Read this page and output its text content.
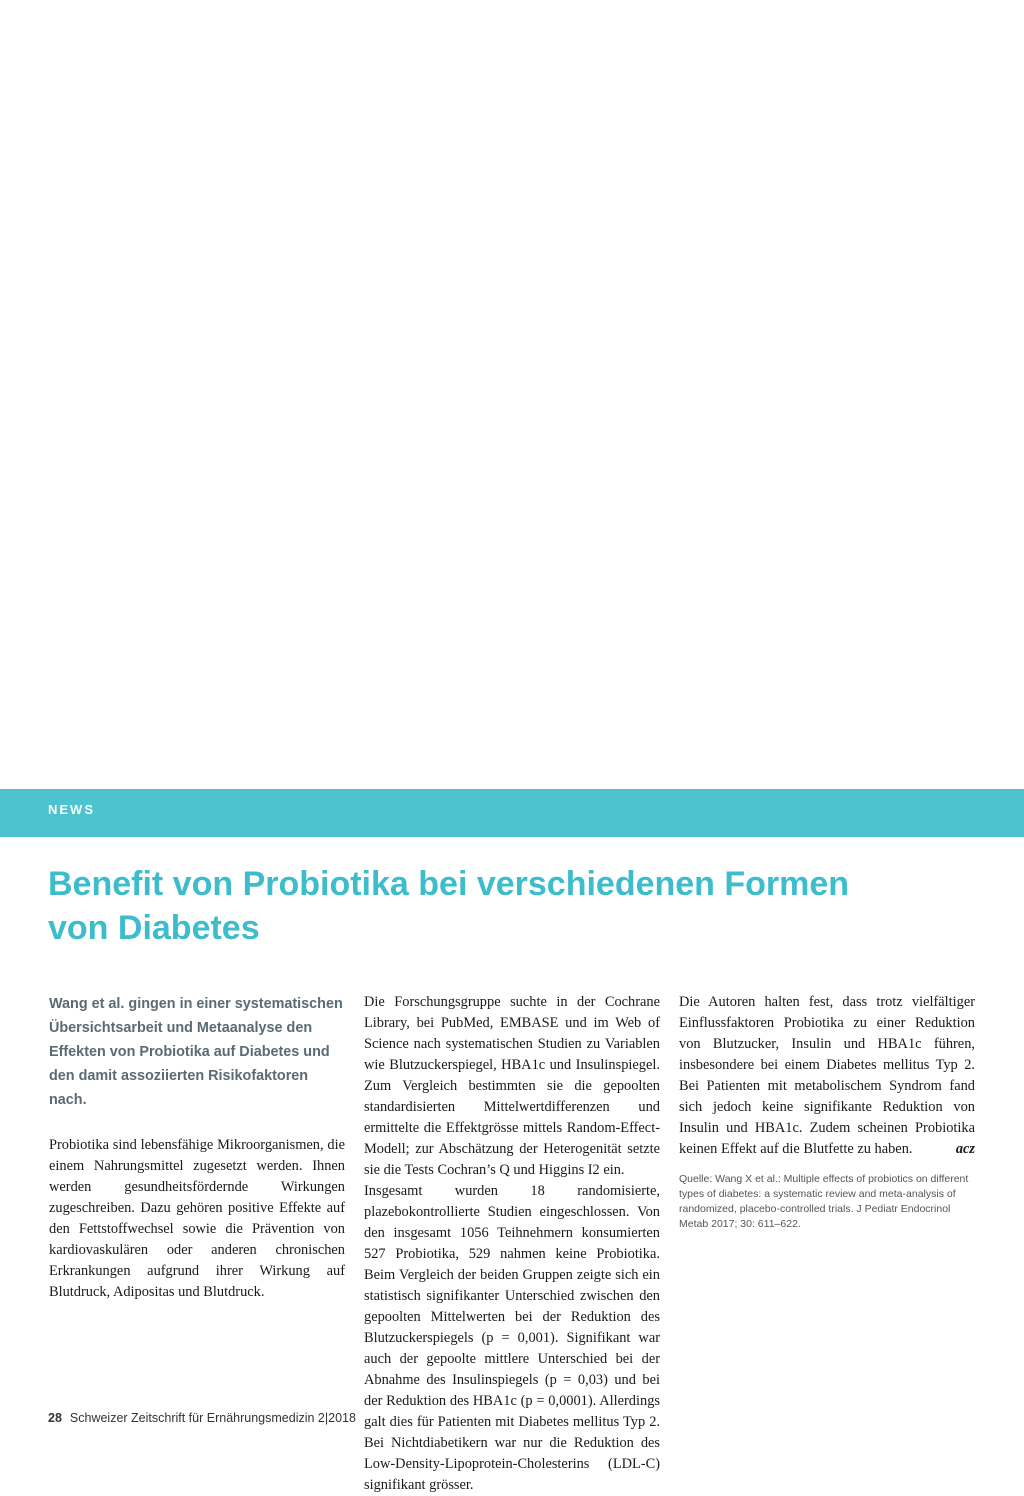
NEWS
Benefit von Probiotika bei verschiedenen Formen
von Diabetes

Wang et al. gingen in einer systematischen Übersichtsarbeit und Metaanalyse den Effekten von Probiotika auf Diabetes und den damit assoziierten Risikofaktoren nach.

Probiotika sind lebensfähige Mikroorganismen, die einem Nahrungsmittel zugesetzt werden. Ihnen werden gesundheitsfördernde Wirkungen zugeschreiben. Dazu gehören positive Effekte auf den Fettstoffwechsel sowie die Prävention von kardiovaskulären oder anderen chronischen Erkrankungen aufgrund ihrer Wirkung auf Blutdruck, Adipositas und Blutdruck.

Die Forschungsgruppe suchte in der Cochrane Library, bei PubMed, EMBASE und im Web of Science nach systematischen Studien zu Variablen wie Blutzuckerspiegel, HBA1c und Insulinspiegel. Zum Vergleich bestimmten sie die gepoolten standardisierten Mittelwertdifferenzen und ermittelte die Effektgrösse mittels Random-Effect-Modell; zur Abschätzung der Heterogenität setzte sie die Tests Cochran’s Q und Higgins I2 ein.

Insgesamt wurden 18 randomisierte, plazebokontrollierte Studien eingeschlossen. Von den insgesamt 1056 Teihnehmern konsumierten 527 Probiotika, 529 nahmen keine Probiotika. Beim Vergleich der beiden Gruppen zeigte sich ein statistisch signifikanter Unterschied zwischen den gepoolten Mittelwerten bei der Reduktion des Blutzuckerspiegels (p = 0,001). Signifikant war auch der gepoolte mittlere Unterschied bei der Abnahme des Insulinspiegels (p = 0,03) und bei der Reduktion des HBA1c (p = 0,0001). Allerdings galt dies für Patienten mit Diabetes mellitus Typ 2. Bei Nichtdiabetikern war nur die Reduktion des Low-Density-Lipoprotein-Cholesterins (LDL-C) signifikant grösser.

Die Autoren halten fest, dass trotz vielfältiger Einflussfaktoren Probiotika zu einer Reduktion von Blutzucker, Insulin und HBA1c führen, insbesondere bei einem Diabetes mellitus Typ 2. Bei Patienten mit metabolischem Syndrom fand sich jedoch keine signifikante Reduktion von Insulin und HBA1c. Zudem scheinen Probiotika keinen Effekt auf die Blutfette zu haben.	acz

Quelle: Wang X et al.: Multiple effects of probiotics on different types of diabetes: a systematic review and meta-analysis of randomized, placebo-controlled trials. J Pediatr Endocrinol Metab 2017; 30: 611–622.

28 Schweizer Zeitschrift für Ernährungsmedizin 2|2018
